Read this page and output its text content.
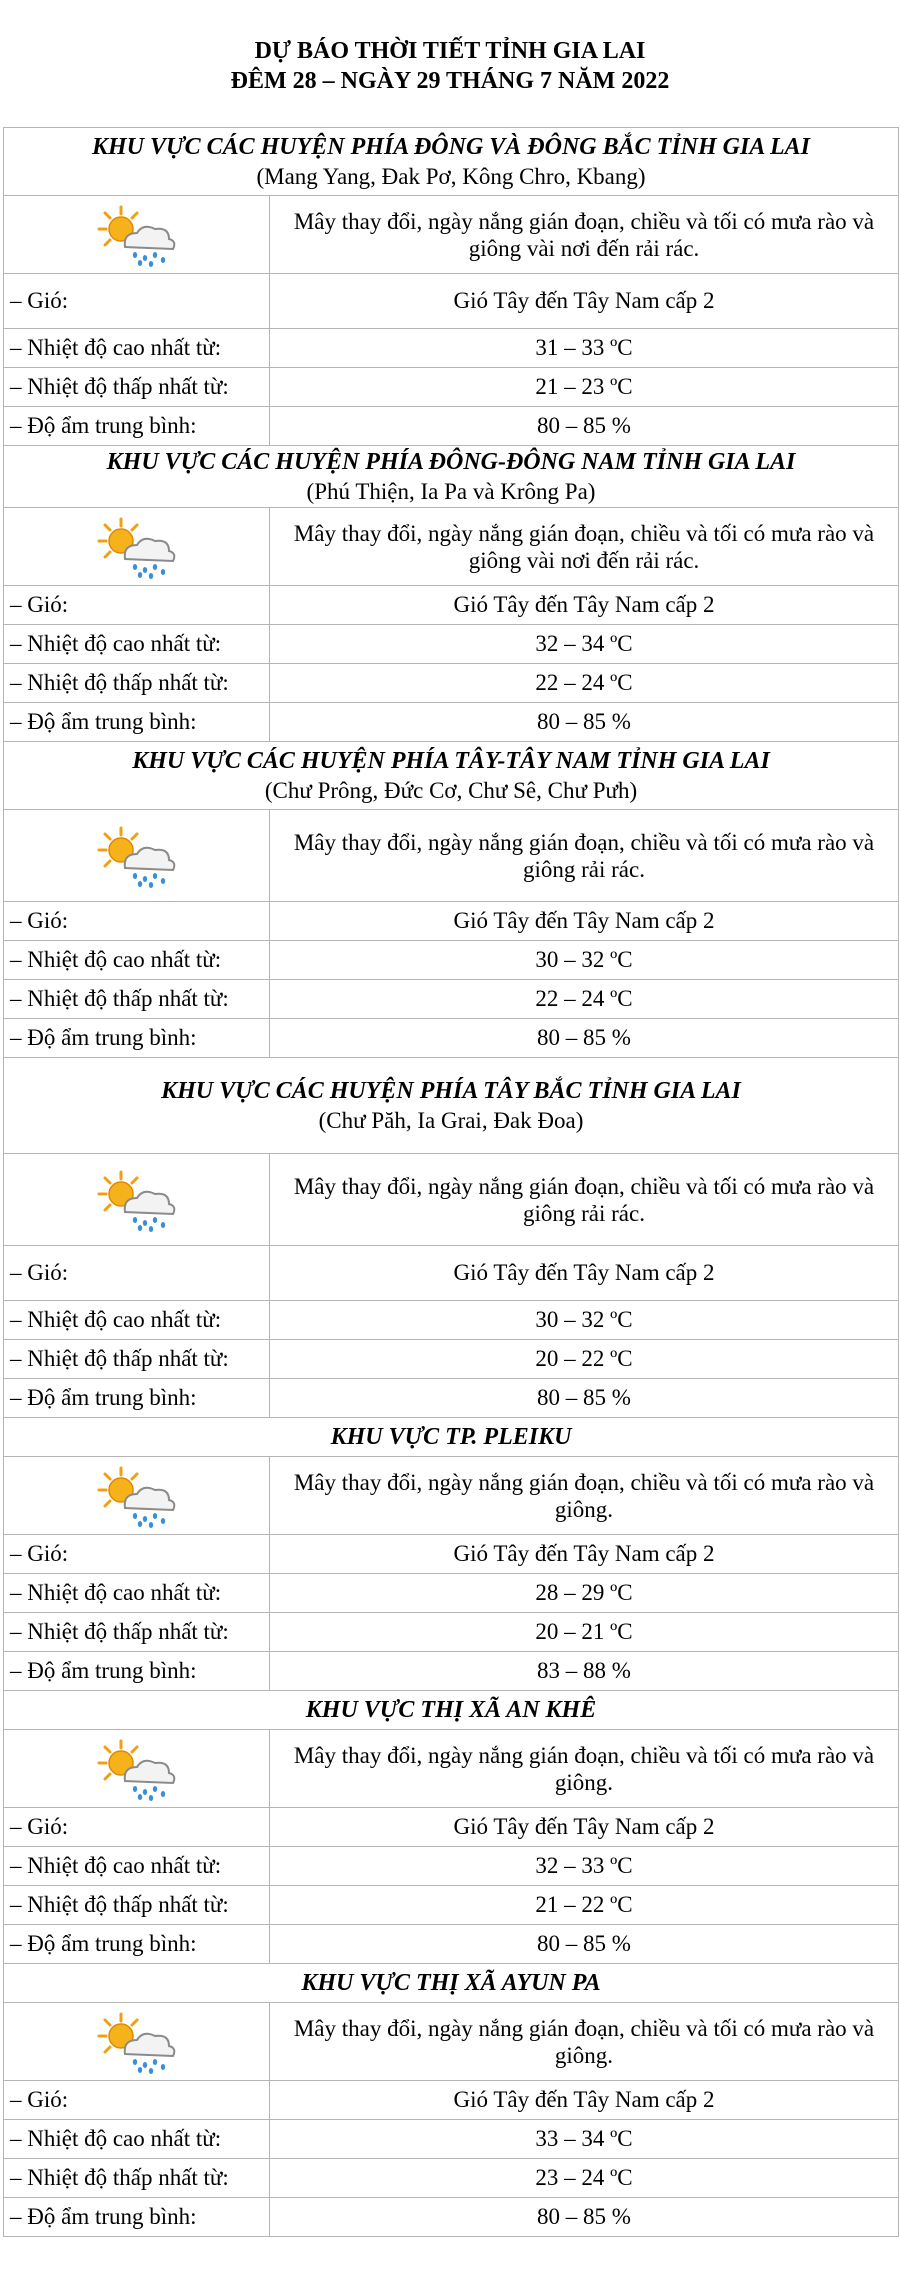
DỰ BÁO THỜI TIẾT TỈNH GIA LAI
ĐÊM 28 – NGÀY 29 THÁNG 7 NĂM 2022
KHU VỰC CÁC HUYỆN PHÍA ĐÔNG VÀ ĐÔNG BẮC TỈNH GIA LAI
(Mang Yang, Đak Pơ, Kông Chro, Kbang)	

	Mây thay đổi, ngày nắng gián đoạn, chiều và tối có mưa rào và giông vài nơi đến rải rác.
– Gió:	Gió Tây đến Tây Nam cấp 2
– Nhiệt độ cao nhất từ:	31 – 33 ºC
– Nhiệt độ thấp nhất từ:	21 – 23 ºC
– Độ ẩm trung bình:	80 – 85 %

KHU VỰC CÁC HUYỆN PHÍA ĐÔNG-ĐÔNG NAM TỈNH GIA LAI
(Phú Thiện, Ia Pa và Krông Pa)	

	Mây thay đổi, ngày nắng gián đoạn, chiều và tối có mưa rào và giông vài nơi đến rải rác.
– Gió:	Gió Tây đến Tây Nam cấp 2
– Nhiệt độ cao nhất từ:	32 – 34 ºC
– Nhiệt độ thấp nhất từ:	22 – 24 ºC
– Độ ẩm trung bình:	80 – 85 %

KHU VỰC CÁC HUYỆN PHÍA TÂY-TÂY NAM TỈNH GIA LAI
(Chư Prông, Đức Cơ, Chư Sê, Chư Pưh)	

	Mây thay đổi, ngày nắng gián đoạn, chiều và tối có mưa rào và giông rải rác.
– Gió:	Gió Tây đến Tây Nam cấp 2
– Nhiệt độ cao nhất từ:	30 – 32 ºC
– Nhiệt độ thấp nhất từ:	22 – 24 ºC
– Độ ẩm trung bình:	80 – 85 %

KHU VỰC CÁC HUYỆN PHÍA TÂY BẮC TỈNH GIA LAI
(Chư Păh, Ia Grai, Đak Đoa)	

	Mây thay đổi, ngày nắng gián đoạn, chiều và tối có mưa rào và giông rải rác.
– Gió:	Gió Tây đến Tây Nam cấp 2
– Nhiệt độ cao nhất từ:	30 – 32 ºC
– Nhiệt độ thấp nhất từ:	20 – 22 ºC
– Độ ẩm trung bình:	80 – 85 %

KHU VỰC TP. PLEIKU	

	Mây thay đổi, ngày nắng gián đoạn, chiều và tối có mưa rào và giông.
– Gió:	Gió Tây đến Tây Nam cấp 2
– Nhiệt độ cao nhất từ:	28 – 29 ºC
– Nhiệt độ thấp nhất từ:	20 – 21 ºC
– Độ ẩm trung bình:	83 – 88 %

KHU VỰC THỊ XÃ AN KHÊ	

	Mây thay đổi, ngày nắng gián đoạn, chiều và tối có mưa rào và giông.
– Gió:	Gió Tây đến Tây Nam cấp 2
– Nhiệt độ cao nhất từ:	32 – 33 ºC
– Nhiệt độ thấp nhất từ:	21 – 22 ºC
– Độ ẩm trung bình:	80 – 85 %

KHU VỰC THỊ XÃ AYUN PA	

	Mây thay đổi, ngày nắng gián đoạn, chiều và tối có mưa rào và giông.
– Gió:	Gió Tây đến Tây Nam cấp 2
– Nhiệt độ cao nhất từ:	33 – 34 ºC
– Nhiệt độ thấp nhất từ:	23 – 24 ºC
– Độ ẩm trung bình:	80 – 85 %
